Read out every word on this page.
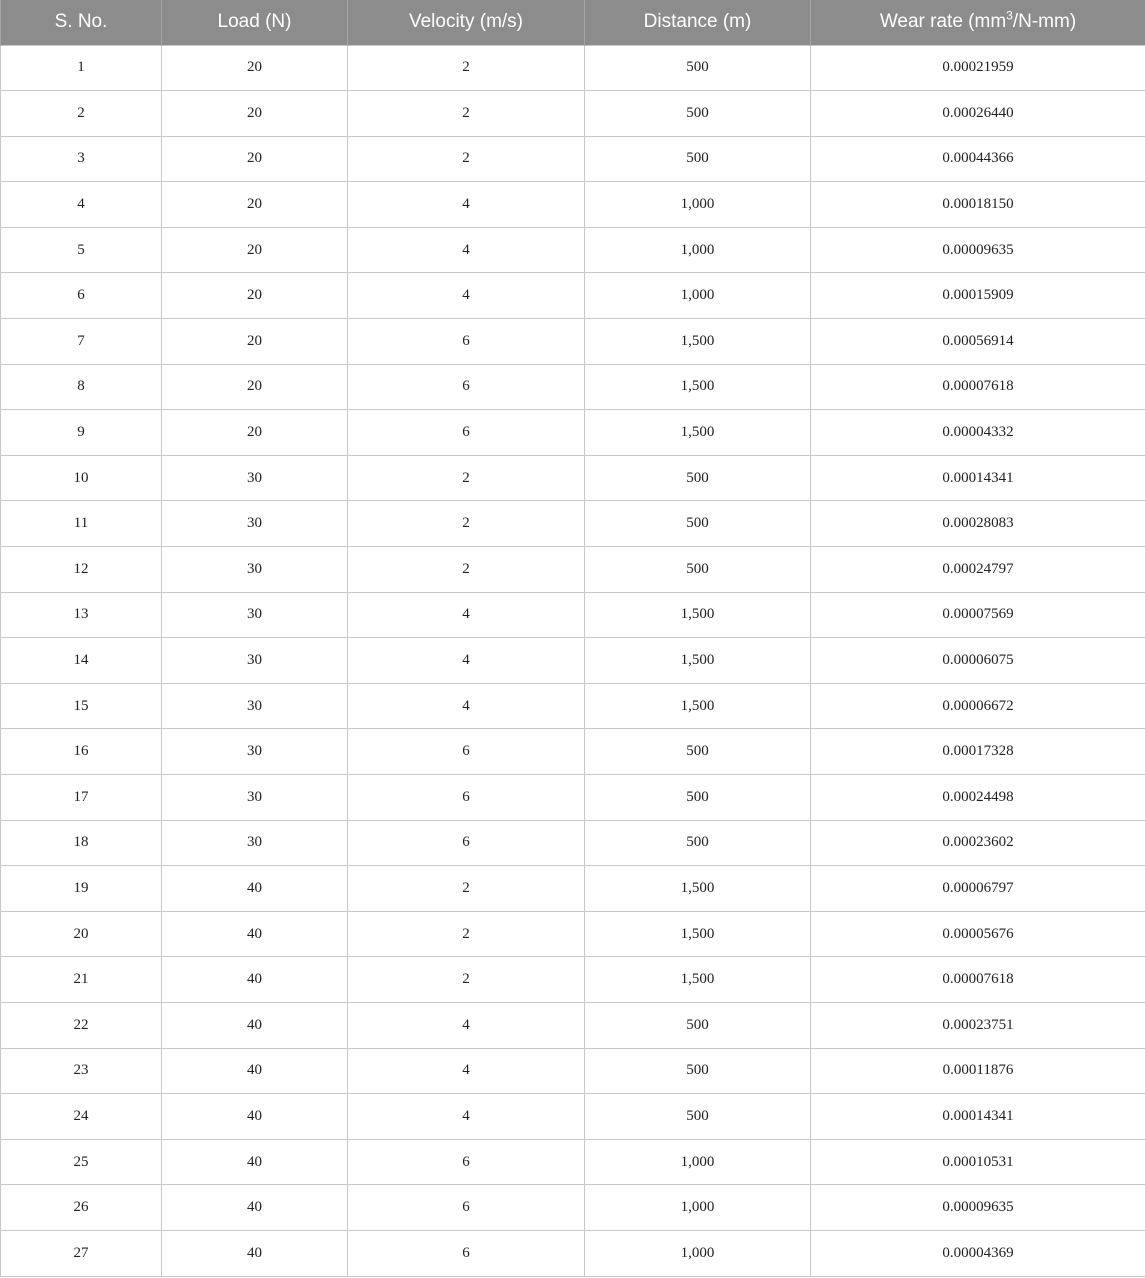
S. No.	Load (N)	Velocity (m/s)	Distance (m)	Wear rate $(mm^3/N-mm)$
1	20	2	500	0.00021959
2	20	2	500	0.00026440
3	20	2	500	0.00044366
4	20	4	1,000	0.00018150
5	20	4	1,000	0.00009635
6	20	4	1,000	0.00015909
7	20	6	1,500	0.00056914
8	20	6	1,500	0.00007618
9	20	6	1,500	0.00004332
10	30	2	500	0.00014341
11	30	2	500	0.00028083
12	30	2	500	0.00024797
13	30	4	1,500	0.00007569
14	30	4	1,500	0.00006075
15	30	4	1,500	0.00006672
16	30	6	500	0.00017328
17	30	6	500	0.00024498
18	30	6	500	0.00023602
19	40	2	1,500	0.00006797
20	40	2	1,500	0.00005676
21	40	2	1,500	0.00007618
22	40	4	500	0.00023751
23	40	4	500	0.00011876
24	40	4	500	0.00014341
25	40	6	1,000	0.00010531
26	40	6	1,000	0.00009635
27	40	6	1,000	0.00004369
